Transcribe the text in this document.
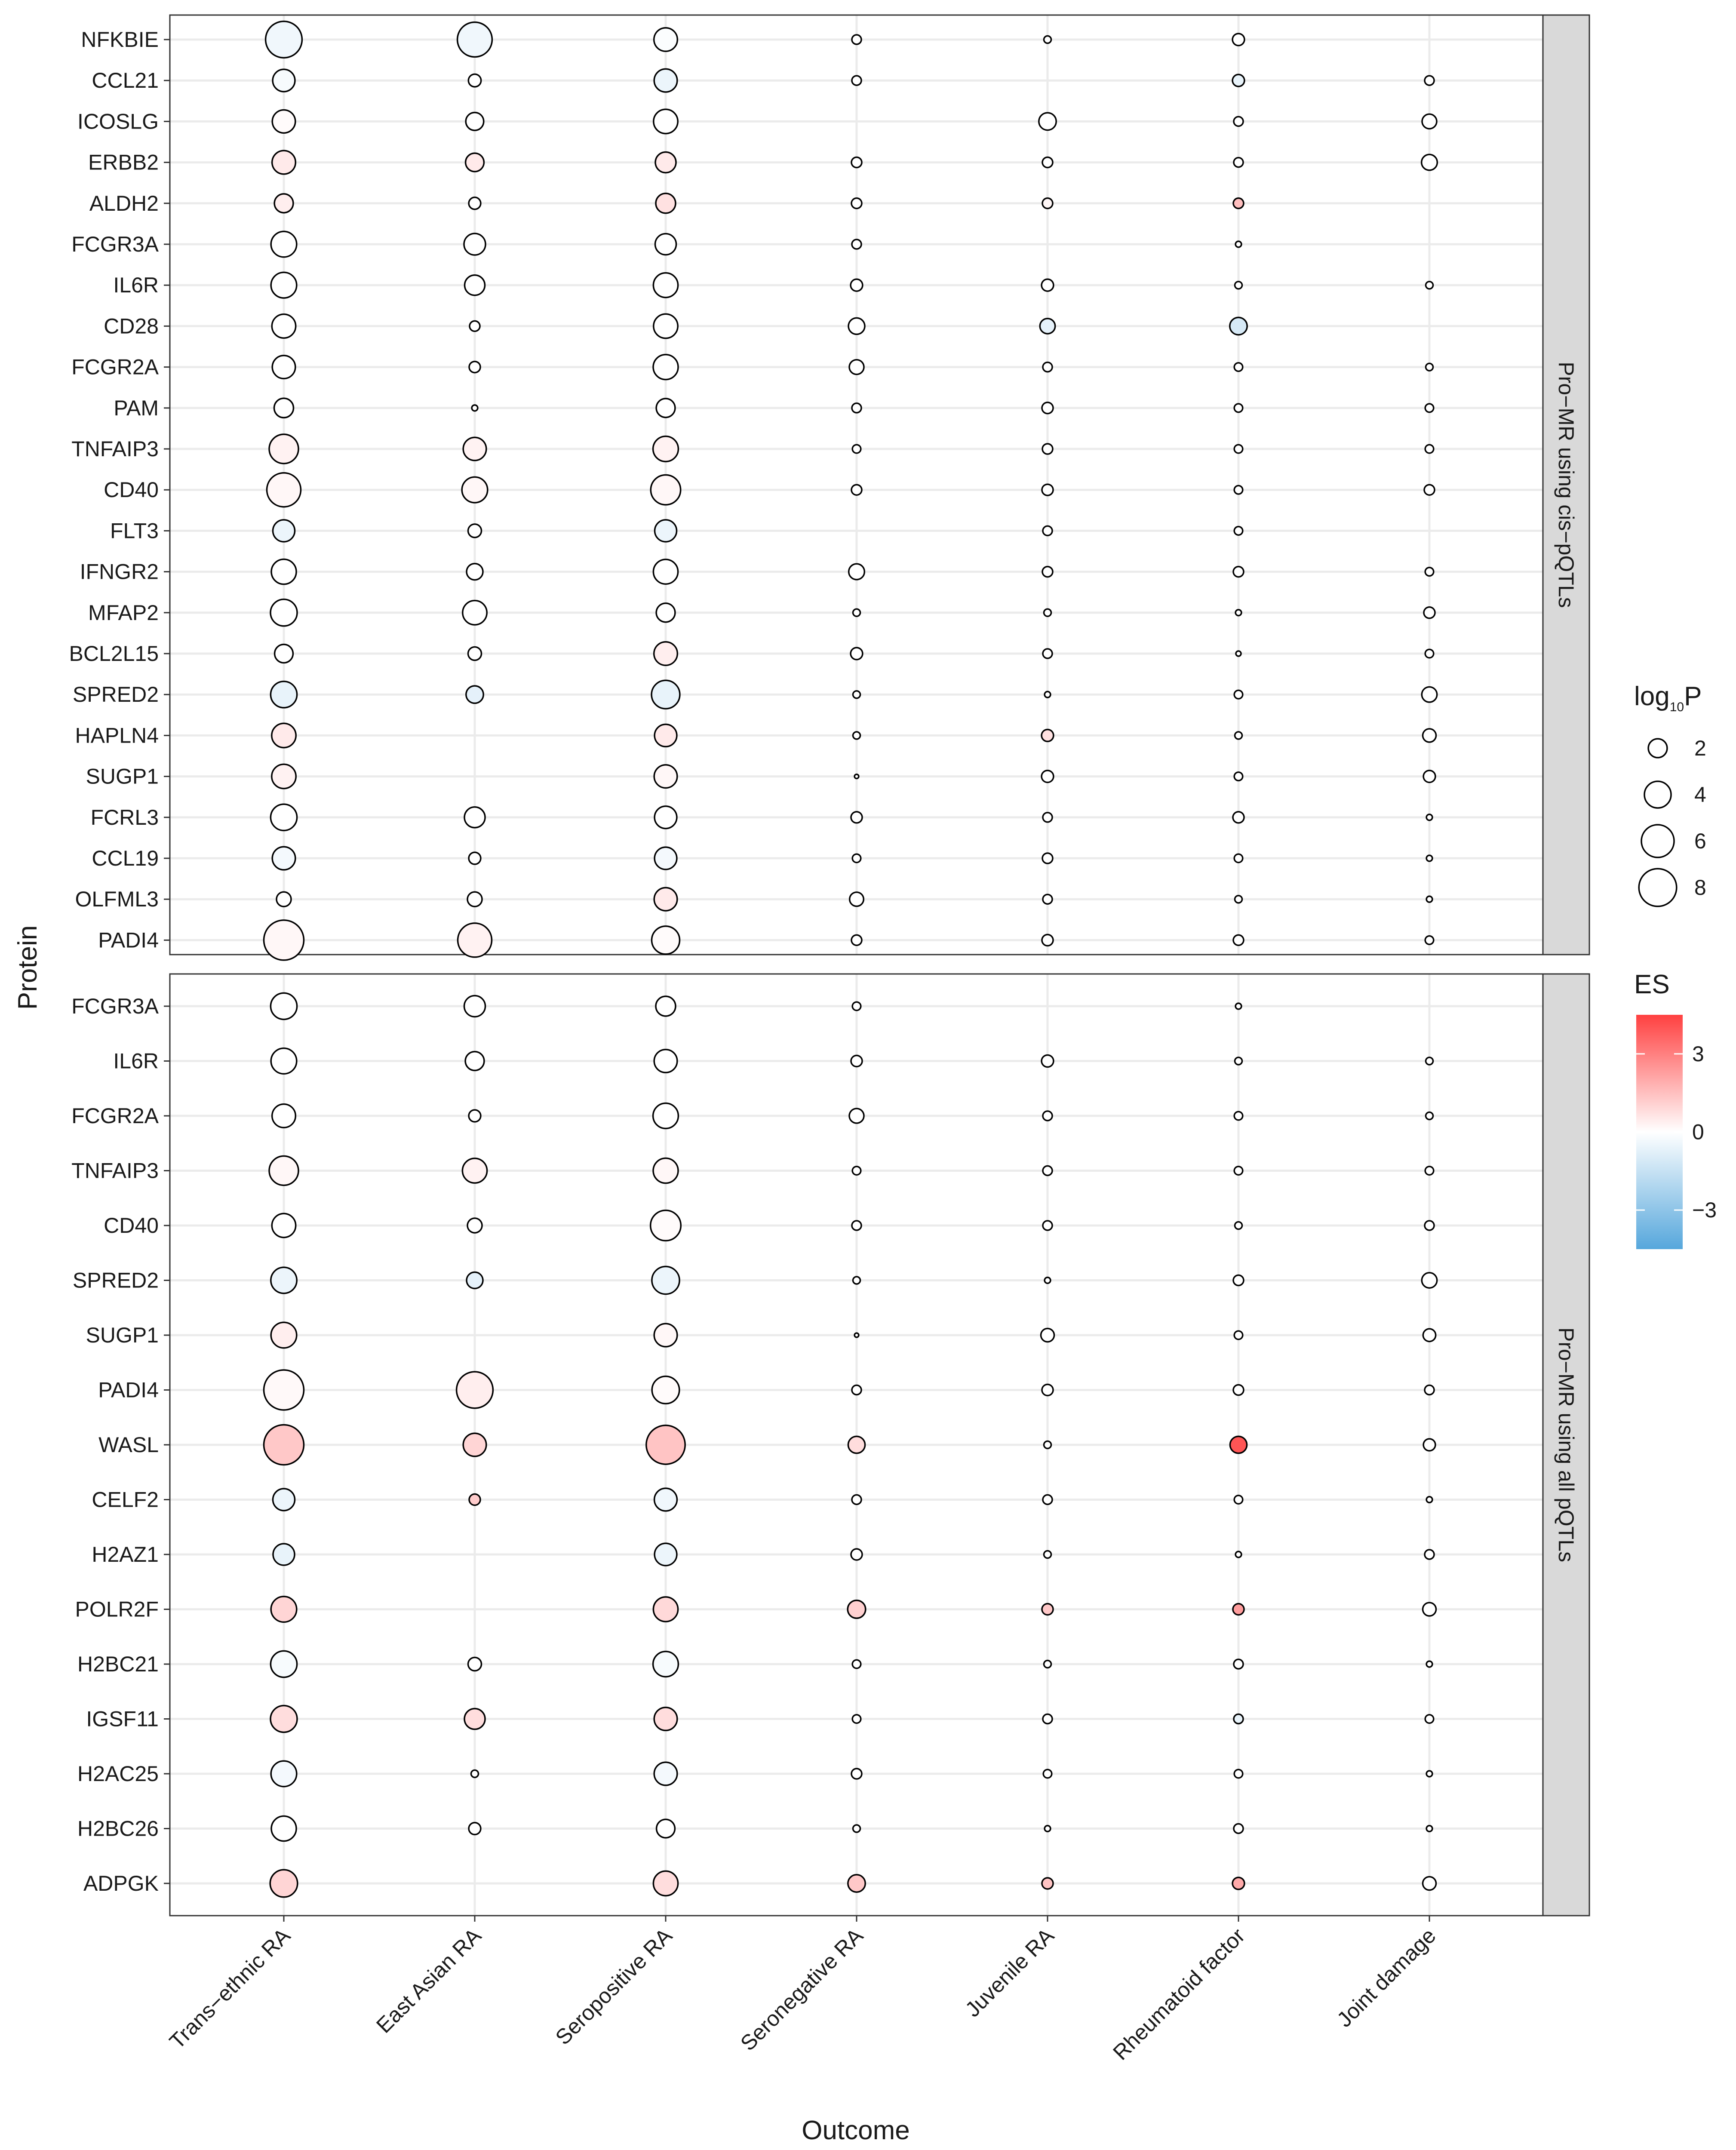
NFKBIE
CCL21
ICOSLG
ERBB2
ALDH2
FCGR3A
IL6R
CD28
FCGR2A
PAM
TNFAIP3
CD40
FLT3
IFNGR2
MFAP2
BCL2L15
SPRED2
HAPLN4
SUGP1
FCRL3
CCL19
OLFML3
PADI4
Pro−MR using cis−pQTLs
FCGR3A
IL6R
FCGR2A
TNFAIP3
CD40
SPRED2
SUGP1
PADI4
WASL
CELF2
H2AZ1
POLR2F
H2BC21
IGSF11
H2AC25
H2BC26
ADPGK
Pro−MR using all pQTLs
Trans−ethnic RA	East Asian RA	Seropositive RA	Seronegative RA	Juvenile RA Rheumatoid factor	Joint damage
Outcome
Protein
$\log_{10}P$
2
4
6
8
ES
3
0
−3
